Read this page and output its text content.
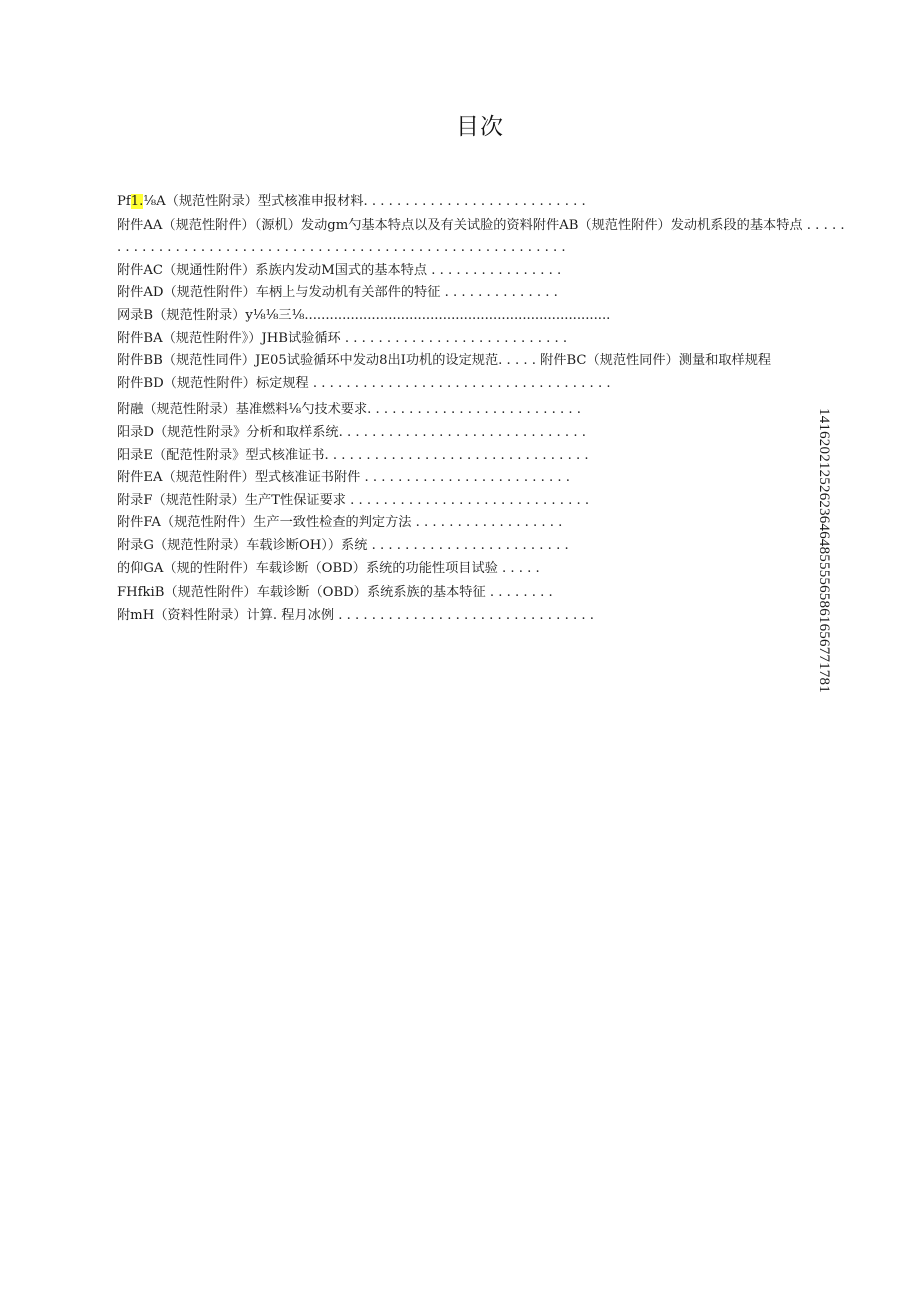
目次
Pf1.⅛A（规范性附录）型式核准申报材料. . . . . . . . . . . . . . . . . . . . . . . . . . .
附件AA（规范性附件）（源机）发动gm勺基本特点以及有关试脸的资料附件AB（规范性附件）发动机系段的基本特点 . . . . . . . . . . . . . . . . . . . . . . . . . . . . . . . . . . . . . . . . . . . . . . . . . . . . . . . . . . .
附件AC（规通性附件）系族内发动M国式的基本特点 . . . . . . . . . . . . . . . .
附件AD（规范性附件）车柄上与发动机有关部件的特征 . . . . . . . . . . . . . .
网录B（规范性附录）y⅛⅛三⅛.........................................................................
附件BA（规范性附件》）JHB试验循环 . . . . . . . . . . . . . . . . . . . . . . . . . . .
附件BB（规范性同件）JE05试验循环中发动8出I功机的设定规范. . . . . 附件BC（规范性同件）测量和取样规程
附件BD（规范性附件）标定规程 . . . . . . . . . . . . . . . . . . . . . . . . . . . . . . . . . . . .
附融（规范性附录）基准燃料⅛勺技术要求. . . . . . . . . . . . . . . . . . . . . . . . . .
阳录D（规范性附录》分析和取样系统. . . . . . . . . . . . . . . . . . . . . . . . . . . . . .
阳录E（配范性附录》型式核准证书. . . . . . . . . . . . . . . . . . . . . . . . . . . . . . . .
附件EA（规范性附件）型式核准证书附件 . . . . . . . . . . . . . . . . . . . . . . . . .
附录F（规范性附录）生产T性保证要求 . . . . . . . . . . . . . . . . . . . . . . . . . . . . .
附件FA（规范性附件）生产一致性检查的判定方法 . . . . . . . . . . . . . . . . . .
附录G（规范性附录）车载诊断OH））系统 . . . . . . . . . . . . . . . . . . . . . . . .
的仰GA（规的性附件）车载诊断（OBD）系统的功能性项目试验 . . . . .
FHfkiB（规范性附件）车载诊断（OBD）系统系族的基本特征 . . . . . . . .
附mH（资料性附录）计算. 程月冰例 . . . . . . . . . . . . . . . . . . . . . . . . . . . . . . .	1416202125262364648555565861656771781
